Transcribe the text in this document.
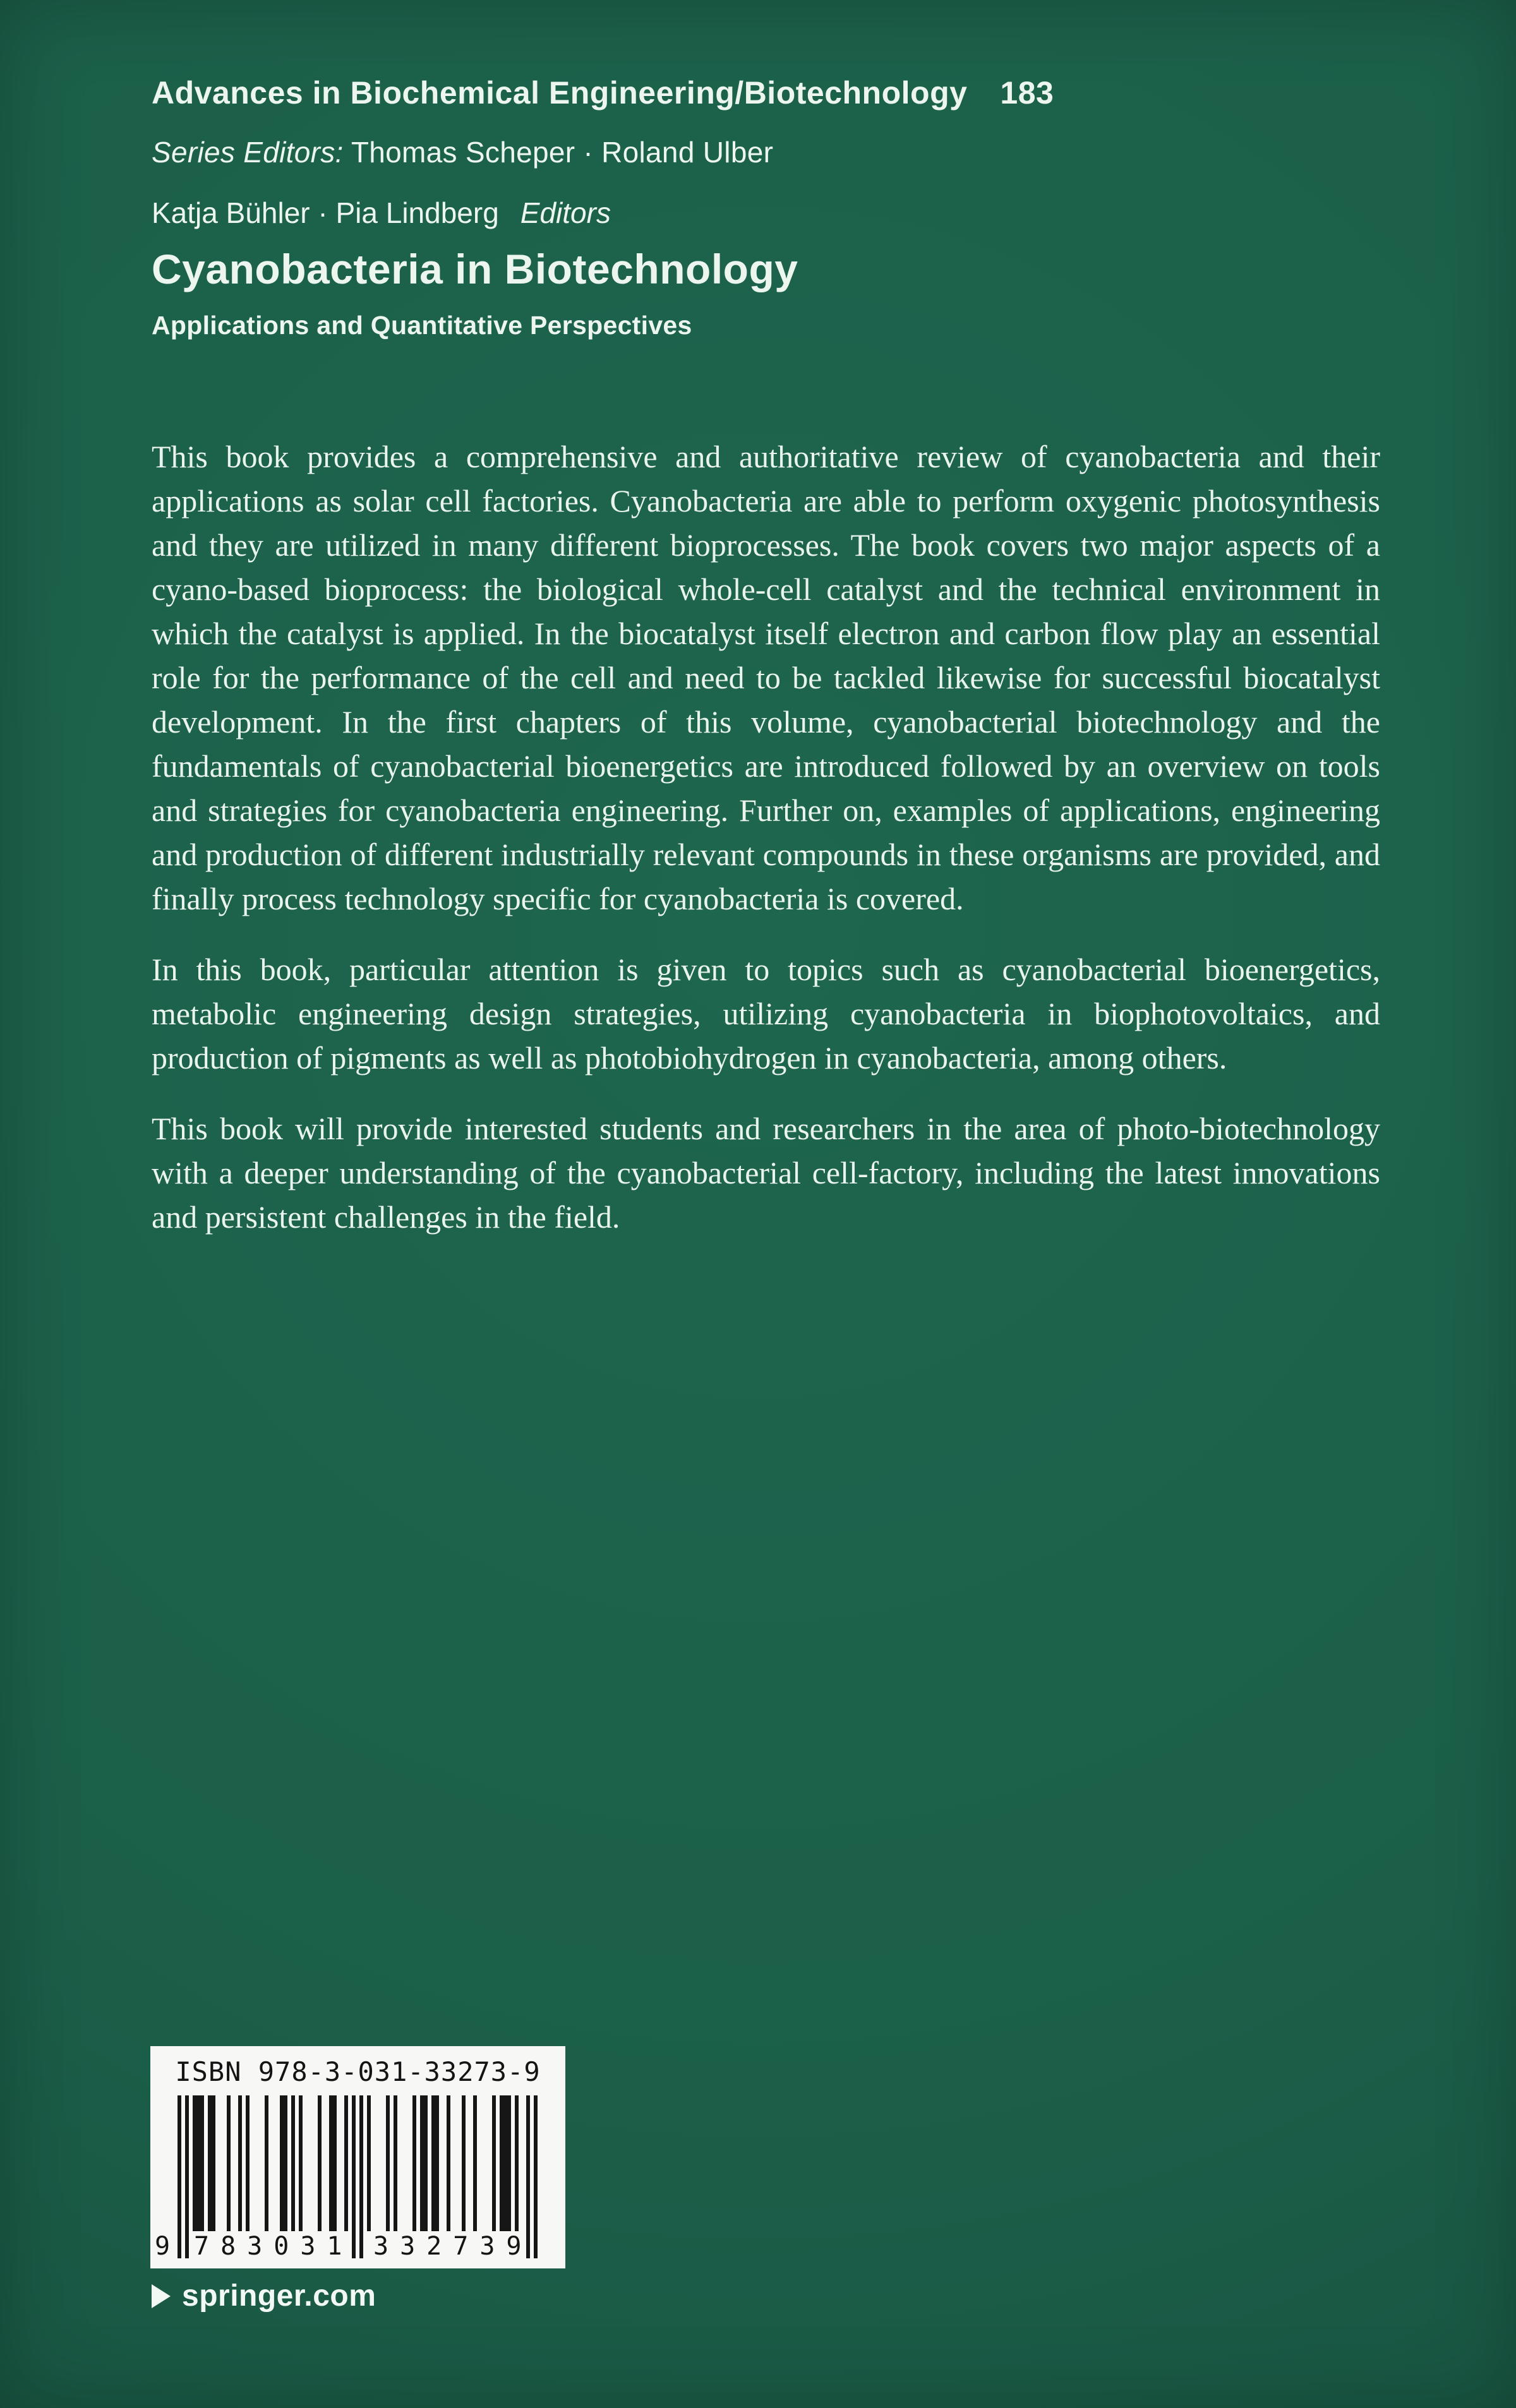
Advances in Biochemical Engineering/Biotechnology 183
Series Editors: Thomas Scheper · Roland Ulber
Katja Bühler · Pia Lindberg Editors
Cyanobacteria in Biotechnology
Applications and Quantitative Perspectives

This book provides a comprehensive and authoritative review of cyanobacteria and their applications as solar cell factories. Cyanobacteria are able to perform oxygenic photosynthesis and they are utilized in many different bioprocesses. The book covers two major aspects of a cyano-based bioprocess: the biological whole-cell catalyst and the technical environment in which the catalyst is applied. In the biocatalyst itself electron and carbon flow play an essential role for the performance of the cell and need to be tackled likewise for successful biocatalyst development. In the first chapters of this volume, cyanobacterial biotechnology and the fundamentals of cyanobacterial bioenergetics are introduced followed by an overview on tools and strategies for cyanobacteria engineering. Further on, examples of applications, engineering and production of different industrially relevant compounds in these organisms are provided, and finally process technology specific for cyanobacteria is covered.

In this book, particular attention is given to topics such as cyanobacterial bioenergetics, metabolic engineering design strategies, utilizing cyanobacteria in biophotovoltaics, and production of pigments as well as photobiohydrogen in cyanobacteria, among others.

This book will provide interested students and researchers in the area of photo-biotechnology with a deeper understanding of the cyanobacterial cell-factory, including the latest innovations and persistent challenges in the field.

ISBN 978-3-031-33273-9
9 783031 332739
springer.com
